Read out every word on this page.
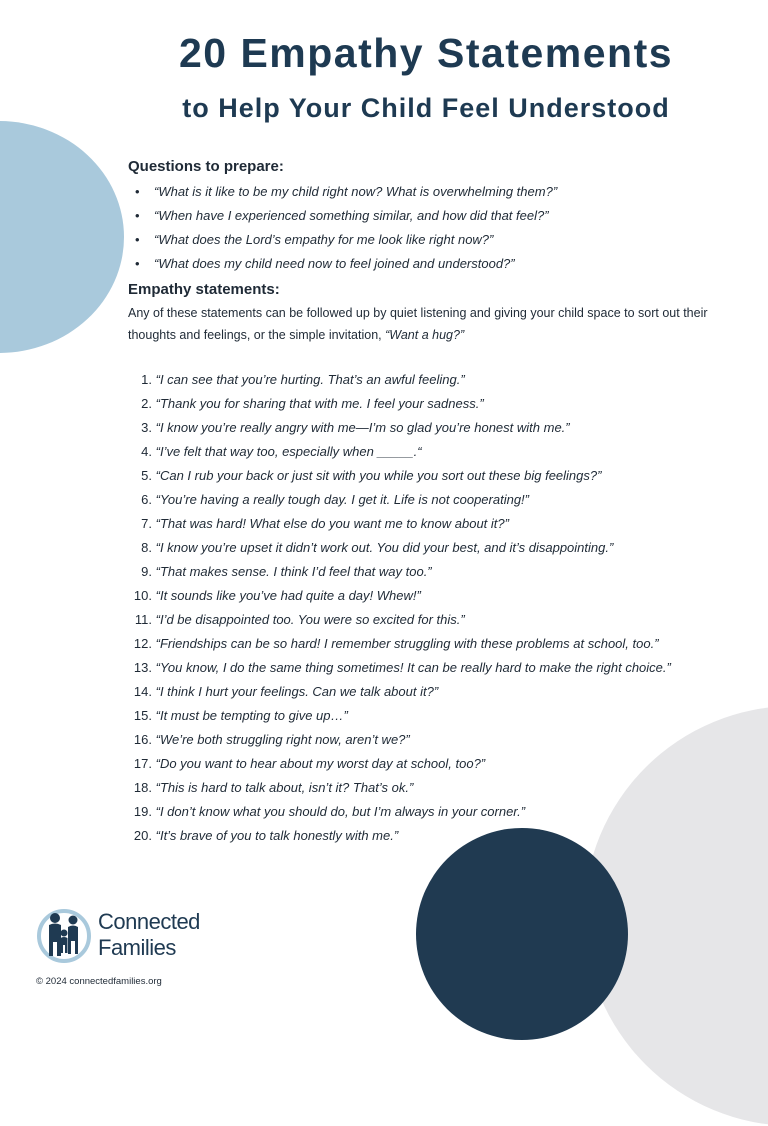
20 Empathy Statements
to Help Your Child Feel Understood
Questions to prepare:
• “What is it like to be my child right now? What is overwhelming them?”
• “When have I experienced something similar, and how did that feel?”
• “What does the Lord’s empathy for me look like right now?”
• “What does my child need now to feel joined and understood?”
Empathy statements:

Any of these statements can be followed up by quiet listening and giving your child space to sort out their thoughts and feelings, or the simple invitation, “Want a hug?”

1. “I can see that you’re hurting. That’s an awful feeling.”
2. “Thank you for sharing that with me. I feel your sadness.”
3. “I know you’re really angry with me—I’m so glad you’re honest with me.”
4. “I’ve felt that way too, especially when _____.“
5. “Can I rub your back or just sit with you while you sort out these big feelings?”
6. “You’re having a really tough day. I get it. Life is not cooperating!”
7. “That was hard! What else do you want me to know about it?”
8. “I know you’re upset it didn’t work out. You did your best, and it’s disappointing.”
9. “That makes sense. I think I’d feel that way too.”
10. “It sounds like you’ve had quite a day! Whew!”
11. “I’d be disappointed too. You were so excited for this.”
12. “Friendships can be so hard! I remember struggling with these problems at school, too.”
13. “You know, I do the same thing sometimes! It can be really hard to make the right choice.”
14. “I think I hurt your feelings. Can we talk about it?”
15. “It must be tempting to give up…”
16. “We’re both struggling right now, aren’t we?”
17. “Do you want to hear about my worst day at school, too?”
18. “This is hard to talk about, isn’t it? That’s ok.”
19. “I don’t know what you should do, but I’m always in your corner.”
20. “It’s brave of you to talk honestly with me.”
Connected
Families
© 2024 connectedfamilies.org
